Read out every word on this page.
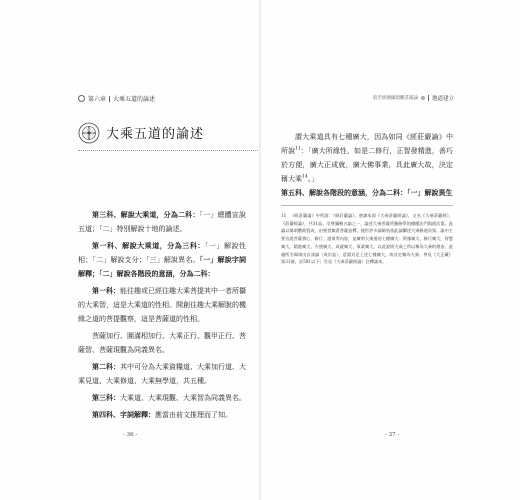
第六章 大乘五道的論述
大乘五道的論述

第三科、解說大乘道，分為二科：「一」總體宣說五道；「二」特別解說十地的論述。

第一科、解說大乘道，分為三科：「一」解說性相；「二」解說支分；「三」解說異名。「一」解說字詞解釋；「二」解說各階段的意涵，分為二科：

第一科：能往趣或已經往趣大乘菩提其中一者所攝的大乘智，這是大乘道的性相。開創往趣大乘解脫的機緣之道的菩提觀察，這是菩薩道的性相。

菩薩加行、圓滿相加行、大乘正行、觀甲正行、菩薩智、菩薩現觀為同義異名。

第二科：其中可分為大乘資糧道、大乘加行道、大乘見道、大乘修道、大乘無學道，共五種。

第三科：大乘道、大乘現觀、大乘智為同義異名。

第四科、字詞解釋：應當由前文推理而了知。

- 36 -
般若經總攝現觀莊嚴論	地道建立

謂大乘道具有七種廣大，因為如同《經莊嚴論》中所說$^{11}$：「廣大所緣性，如是二修行，正智發精進，善巧於方便，廣大正成就，廣大佛事業，具此廣大故，決定稱大乘$^{14}$。」

第五科、解說各階段的意涵，分為二科：「一」解說異生

11 《經莊嚴論》中所說：《經莊嚴論》，唐譯本即《大乘莊嚴經論》，又名《大乘莊嚴經》，《莊嚴經論》，共31品。至尊彌勒五論之一，論述大乘菩薩所應修學的種種法門與道次第。此論以偈頌體裁寫成，由聖者無著菩薩造釋，後世許多論師皆依此論闡述大乘修道次第。論中主要宣說菩薩發心、修行、證果等內容，並廣明大乘道的七種廣大：所緣廣大、修行廣大、智慧廣大、精進廣大、方便廣大、成就廣大、事業廣大，以此說明大乘之所以稱為大乘的理由。此處所引偈頌出自該論〈成宗品〉，意謂具足上述七種廣大，故決定稱為大乘。參見《大正藏》第31冊，頁591以下；另見《大乘莊嚴經論》注釋諸本。
- 37 -
